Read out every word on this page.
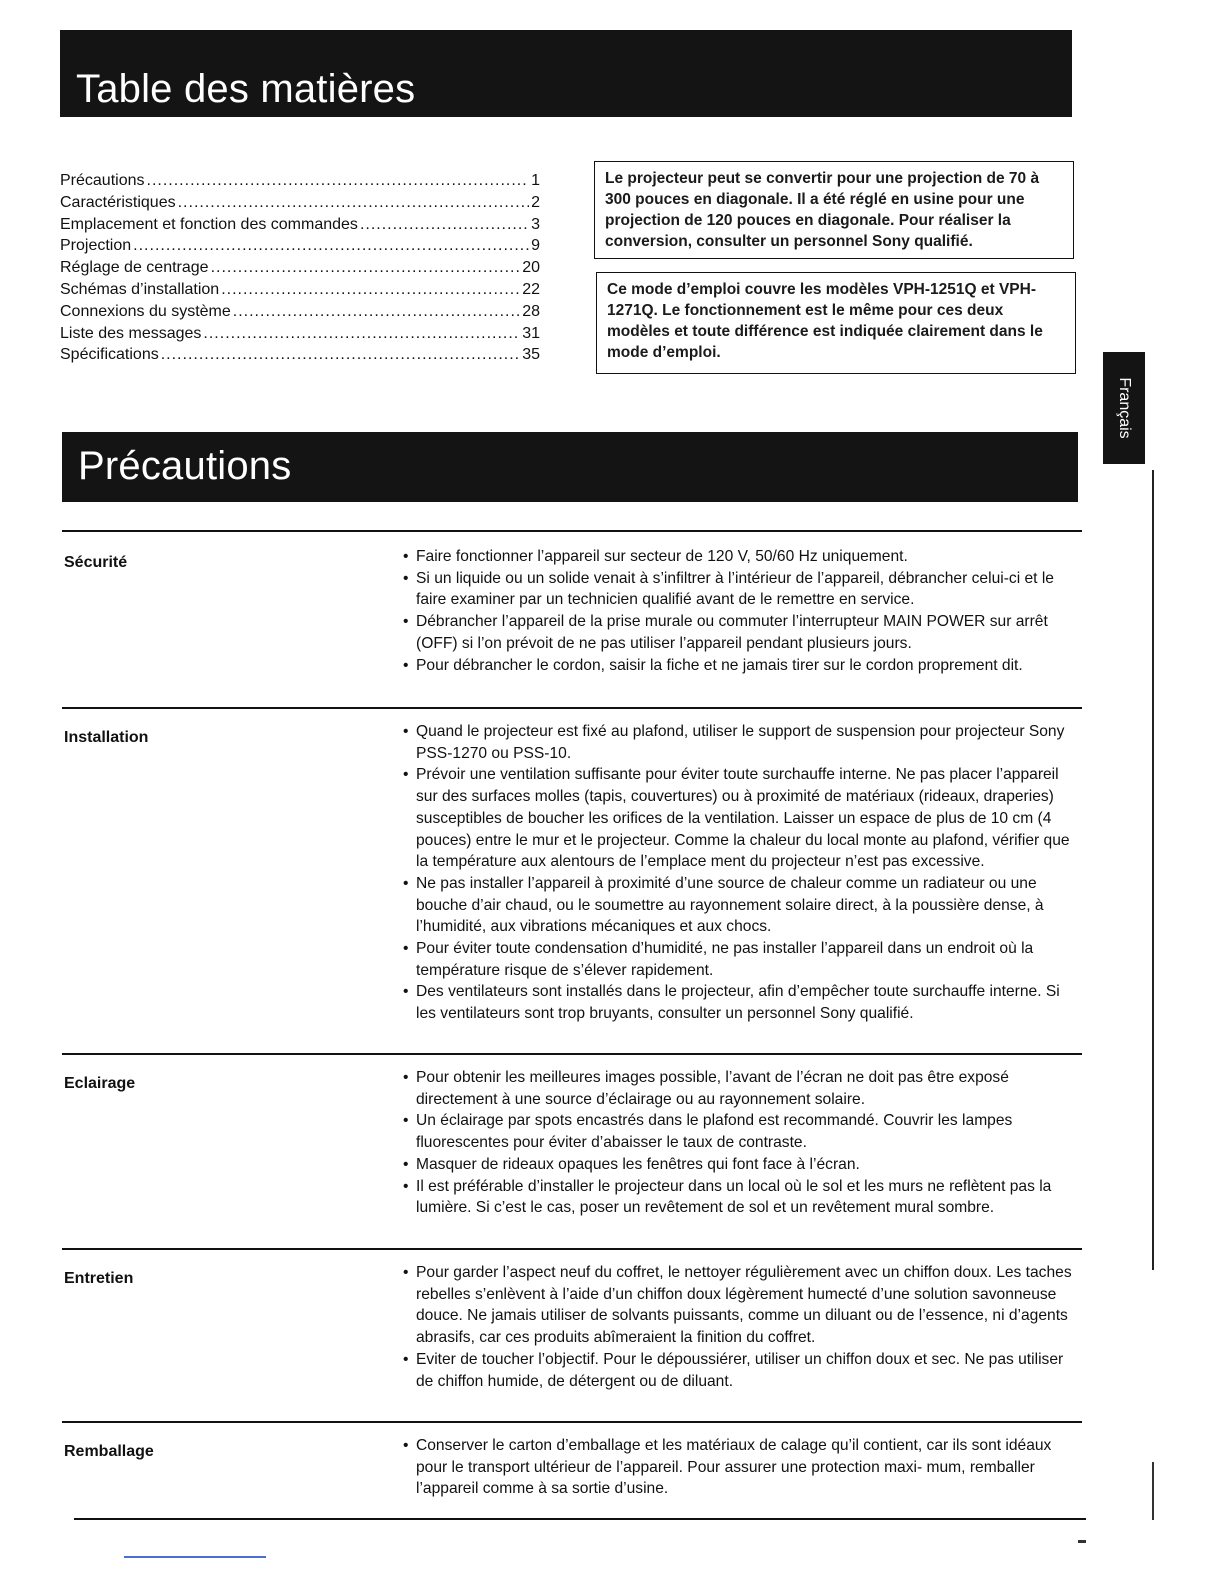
Table des matières
Précautions .....	1
Caractéristiques .....	2
Emplacement et fonction des commandes .....	3
Projection .....	9
Réglage de centrage .....	20
Schémas d’installation .....	22
Connexions du système .....	28
Liste des messages .....	31
Spécifications .....	35
Le projecteur peut se convertir pour une projection de 70 à 300 pouces en diagonale. Il a été réglé en usine pour une projection de 120 pouces en diagonale. Pour réaliser la conversion, consulter un personnel Sony qualifié.
Ce mode d’emploi couvre les modèles VPH-1251Q et VPH-1271Q. Le fonctionnement est le même pour ces deux modèles et toute différence est indiquée clairement dans le mode d’emploi.
Français
Précautions
Sécurité	• Faire fonctionner l’appareil sur secteur de 120 V, 50/60 Hz uniquement.
• Si un liquide ou un solide venait à s’infiltrer à l’intérieur de l’appareil, débrancher celui-ci et le faire examiner par un technicien qualifié avant de le remettre en service.
• Débrancher l’appareil de la prise murale ou commuter l’interrupteur MAIN POWER sur arrêt (OFF) si l’on prévoit de ne pas utiliser l’appareil pendant plusieurs jours.
• Pour débrancher le cordon, saisir la fiche et ne jamais tirer sur le cordon proprement dit.
Installation	• Quand le projecteur est fixé au plafond, utiliser le support de suspension pour projecteur Sony PSS-1270 ou PSS-10.
• Prévoir une ventilation suffisante pour éviter toute surchauffe interne. Ne pas placer l’appareil sur des surfaces molles (tapis, couvertures) ou à proximité de matériaux (rideaux, draperies) susceptibles de boucher les orifices de la ventilation. Laisser un espace de plus de 10 cm (4 pouces) entre le mur et le projecteur. Comme la chaleur du local monte au plafond, vérifier que la température aux alentours de l’emplace ment du projecteur n’est pas excessive.
• Ne pas installer l’appareil à proximité d’une source de chaleur comme un radiateur ou une bouche d’air chaud, ou le soumettre au rayonnement solaire direct, à la poussière dense, à l’humidité, aux vibrations mécaniques et aux chocs.
• Pour éviter toute condensation d’humidité, ne pas installer l’appareil dans un endroit où la température risque de s’élever rapidement.
• Des ventilateurs sont installés dans le projecteur, afin d’empêcher toute surchauffe interne. Si les ventilateurs sont trop bruyants, consulter un personnel Sony qualifié.
Eclairage	• Pour obtenir les meilleures images possible, l’avant de l’écran ne doit pas être exposé directement à une source d’éclairage ou au rayonnement solaire.
• Un éclairage par spots encastrés dans le plafond est recommandé. Couvrir les lampes fluorescentes pour éviter d’abaisser le taux de contraste.
• Masquer de rideaux opaques les fenêtres qui font face à l’écran.
• Il est préférable d’installer le projecteur dans un local où le sol et les murs ne reflètent pas la lumière. Si c’est le cas, poser un revêtement de sol et un revêtement mural sombre.
Entretien	• Pour garder l’aspect neuf du coffret, le nettoyer régulièrement avec un chiffon doux. Les taches rebelles s’enlèvent à l’aide d’un chiffon doux légèrement humecté d’une solution savonneuse douce. Ne jamais utiliser de solvants puissants, comme un diluant ou de l’essence, ni d’agents abrasifs, car ces produits abîmeraient la finition du coffret.
• Eviter de toucher l’objectif. Pour le dépoussiérer, utiliser un chiffon doux et sec. Ne pas utiliser de chiffon humide, de détergent ou de diluant.
Remballage	• Conserver le carton d’emballage et les matériaux de calage qu’il contient, car ils sont idéaux pour le transport ultérieur de l’appareil. Pour assurer une protection maxi- mum, remballer l’appareil comme à sa sortie d’usine.
